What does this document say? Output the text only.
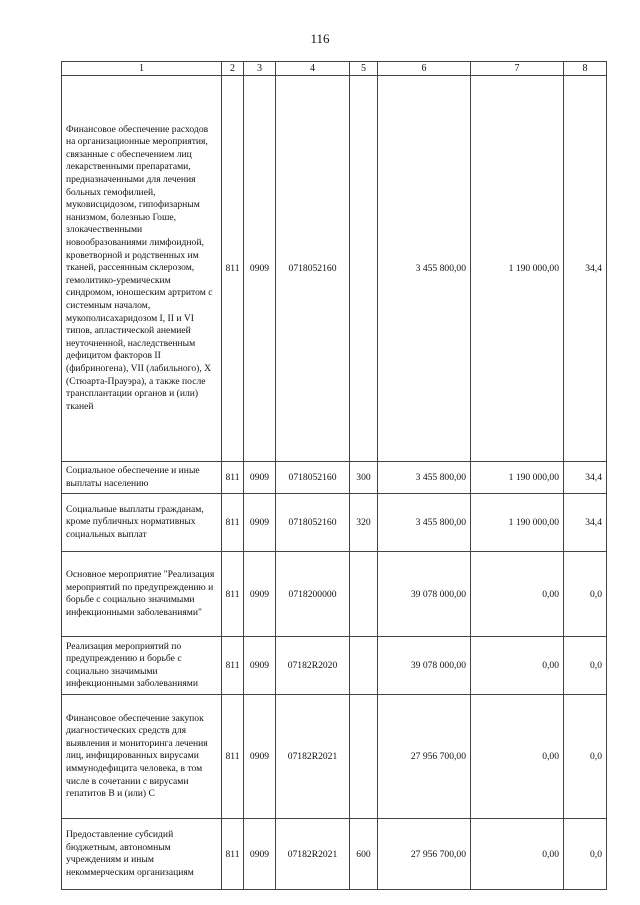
116
1	2	3	4	5	6	7	8
Финансовое обеспечение расходов на организационные мероприятия, связанные с обеспечением лиц лекарственными препаратами, предназначенными для лечения больных гемофилией, муковисцидозом, гипофизарным нанизмом, болезнью Гоше, злокачественными новообразованиями лимфоидной, кроветворной и родственных им тканей, рассеянным склерозом, гемолитико-уремическим синдромом, юношеским артритом с системным началом, мукополисахаридозом I, II и VI типов, апластической анемией неуточненной, наследственным дефицитом факторов II (фибриногена), VII (лабильного), X (Стюарта-Прауэра), а также после трансплантации органов и (или) тканей	811	0909	0718052160		3 455 800,00	1 190 000,00	34,4
Социальное обеспечение и иные выплаты населению	811	0909	0718052160	300	3 455 800,00	1 190 000,00	34,4
Социальные выплаты гражданам, кроме публичных нормативных социальных выплат	811	0909	0718052160	320	3 455 800,00	1 190 000,00	34,4
Основное мероприятие "Реализация мероприятий по предупреждению и борьбе с социально значимыми инфекционными заболеваниями"	811	0909	0718200000		39 078 000,00	0,00	0,0
Реализация мероприятий по предупреждению и борьбе с социально значимыми инфекционными заболеваниями	811	0909	07182R2020		39 078 000,00	0,00	0,0
Финансовое обеспечение закупок диагностических средств для выявления и мониторинга лечения лиц, инфицированных вирусами иммунодефицита человека, в том числе в сочетании с вирусами гепатитов B и (или) C	811	0909	07182R2021		27 956 700,00	0,00	0,0
Предоставление субсидий бюджетным, автономным учреждениям и иным некоммерческим организациям	811	0909	07182R2021	600	27 956 700,00	0,00	0,0
